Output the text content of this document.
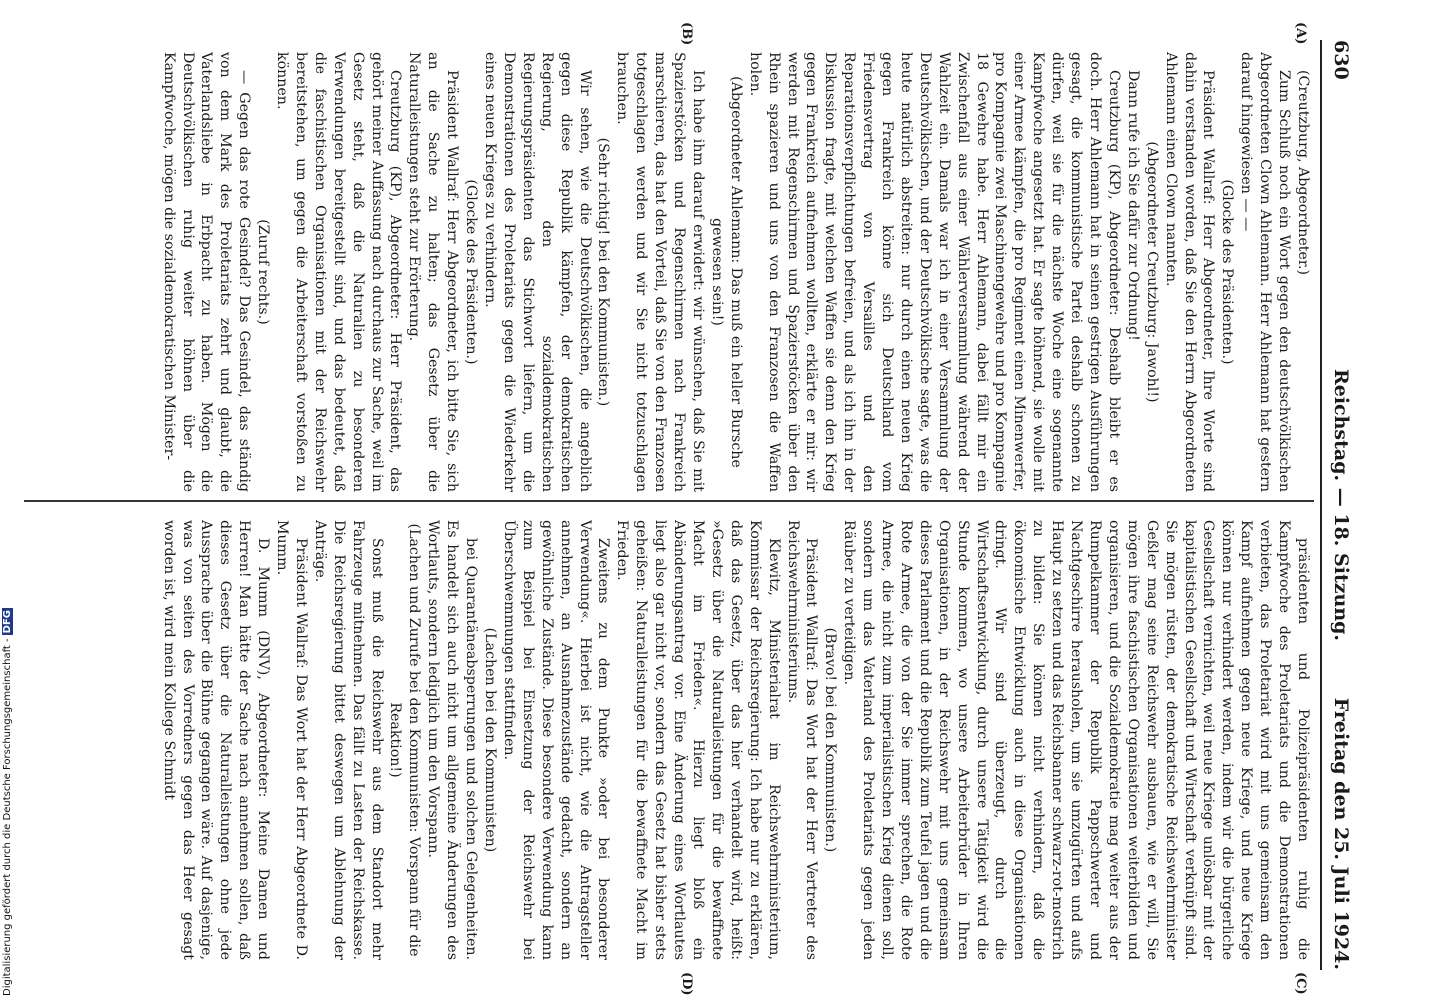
630
Reichstag. — 18. Sitzung.
Freitag den 25. Juli 1924.
(A)
(B)
(C)
(D)

(Creutzburg, Abgeordneter.)

Zum Schluß noch ein Wort gegen den deutschvölkischen Abgeordneten Clown Ahlemann. Herr Ahlemann hat gestern darauf hingewiesen — —

(Glocke des Präsidenten.)

Präsident Wallraf: Herr Abgeordneter, Ihre Worte sind dahin verstanden worden, daß Sie den Herrn Abgeordneten Ahlemann einen Clown nannten.

(Abgeordneter Creutzburg: Jawohl!)

Dann rufe ich Sie dafür zur Ordnung!

Creutzburg (KP), Abgeordneter: Deshalb bleibt er es doch. Herr Ahlemann hat in seinen gestrigen Ausführungen gesagt, die kommunistische Partei deshalb schonen zu dürfen, weil sie für die nächste Woche eine sogenannte Kampfwoche angesetzt hat. Er sagte höhnend, sie wolle mit einer Armee kämpfen, die pro Regiment einen Minenwerfer, pro Kompagnie zwei Maschinengewehre und pro Kompagnie 18 Gewehre habe. Herr Ahlemann, dabei fällt mir ein Zwischenfall aus einer Wählerversammlung während der Wahlzeit ein. Damals war ich in einer Versammlung der Deutschvölkischen, und der Deutschvölkische sagte, was die heute natürlich abstreiten: nur durch einen neuen Krieg gegen Frankreich könne sich Deutschland vom Friedensvertrag von Versailles und den Reparationsverpflichtungen befreien, und als ich ihn in der Diskussion fragte, mit welchen Waffen sie denn den Krieg gegen Frankreich aufnehmen wollten, erklärte er mir: wir werden mit Regenschirmen und Spazierstöcken über den Rhein spazieren und uns von den Franzosen die Waffen holen.

(Abgeordneter Ahlemann: Das muß ein heller Bursche gewesen sein!)

Ich habe ihm darauf erwidert: wir wünschen, daß Sie mit Spazierstöcken und Regenschirmen nach Frankreich marschieren, das hat den Vorteil, daß Sie von den Franzosen totgeschlagen werden und wir Sie nicht totzuschlagen brauchen.

(Sehr richtig! bei den Kommunisten.)

Wir sehen, wie die Deutschvölkischen, die angeblich gegen diese Republik kämpfen, der demokratischen Regierung, den sozialdemokratischen Regierungspräsidenten das Stichwort liefern, um die Demonstrationen des Proletariats gegen die Wiederkehr eines neuen Krieges zu verhindern.

(Glocke des Präsidenten.)

Präsident Wallraf: Herr Abgeordneter, ich bitte Sie, sich an die Sache zu halten; das Gesetz über die Naturalleistungen steht zur Erörterung.

Creutzburg (KP), Abgeordneter: Herr Präsident, das gehört meiner Auffassung nach durchaus zur Sache, weil im Gesetz steht, daß die Naturalien zu besonderen Verwendungen bereitgestellt sind, und das bedeutet, daß die faschistischen Organisationen mit der Reichswehr bereitstehen, um gegen die Arbeiterschaft vorstoßen zu können.

(Zuruf rechts.)

— Gegen das rote Gesindel? Das Gesindel, das ständig von dem Mark des Proletariats zehrt und glaubt, die Vaterlandsliebe in Erbpacht zu haben. Mögen die Deutschvölkischen ruhig weiter höhnen über die Kampfwoche, mögen die sozialdemokratischen Minister-

präsidenten und Polizeipräsidenten ruhig die Kampfwoche des Proletariats und die Demonstrationen verbieten, das Proletariat wird mit uns gemeinsam den Kampf aufnehmen gegen neue Kriege, und neue Kriege können nur verhindert werden, indem wir die bürgerliche Gesellschaft vernichten, weil neue Kriege unlösbar mit der kapitalistischen Gesellschaft und Wirtschaft verknüpft sind. Sie mögen rüsten, der demokratische Reichswehrminister Geßler mag seine Reichswehr ausbauen, wie er will, Sie mögen ihre faschistischen Organisationen weiterbilden und organisieren, und die Sozialdemokratie mag weiter aus der Rumpelkammer der Republik Pappschwerter und Nachtgeschirre herausholen, um sie umzugürten und aufs Haupt zu setzen und das Reichsbanner schwarz-rot-mostrich zu bilden: Sie können nicht verhindern, daß die ökonomische Entwicklung auch in diese Organisationen dringt. Wir sind überzeugt, durch die Wirtschaftsentwicklung, durch unsere Tätigkeit wird die Stunde kommen, wo unsere Arbeiterbrüder in Ihren Organisationen, in der Reichswehr mit uns gemeinsam dieses Parlament und die Republik zum Teufel jagen und die Rote Armee, die von der Sie immer sprechen, die Rote Armee, die nicht zum imperialistischen Krieg dienen soll, sondern um das Vaterland des Proletariats gegen jeden Räuber zu verteidigen.

(Bravo! bei den Kommunisten.)

Präsident Wallraf: Das Wort hat der Herr Vertreter des Reichswehrministeriums.

Klewitz, Ministerialrat im Reichswehrministerium, Kommissar der Reichsregierung: Ich habe nur zu erklären, daß das Gesetz, über das hier verhandelt wird, heißt: »Gesetz über die Naturalleistungen für die bewaffnete Macht im Frieden«. Hierzu liegt bloß ein Abänderungsantrag vor. Eine Änderung eines Wortlautes liegt also gar nicht vor, sondern das Gesetz hat bisher stets geheißen: Naturalleistungen für die bewaffnete Macht im Frieden.

Zweitens zu dem Punkte »oder bei besonderer Verwendung«. Hierbei ist nicht, wie die Antragsteller annehmen, an Ausnahmezustände gedacht, sondern an gewöhnliche Zustände. Diese besondere Verwendung kann zum Beispiel bei Einsetzung der Reichswehr bei Überschwemmungen stattfinden.

(Lachen bei den Kommunisten)

bei Quarantäneabsperrungen und solchen Gelegenheiten. Es handelt sich auch nicht um allgemeine Änderungen des Wortlauts, sondern lediglich um den Vorspann.

(Lachen und Zurufe bei den Kommunisten: Vorspann für die Reaktion!)

Sonst muß die Reichswehr aus dem Standort mehr Fahrzeuge mitnehmen. Das fällt zu Lasten der Reichskasse. Die Reichsregierung bittet deswegen um Ablehnung der Anträge.

Präsident Wallraf: Das Wort hat der Herr Abgeordnete D. Mumm.

D. Mumm (DNV), Abgeordneter: Meine Damen und Herren! Man hätte der Sache nach annehmen sollen, daß dieses Gesetz über die Naturalleistungen ohne jede Aussprache über die Bühne gegangen wäre. Auf dasjenige, was von seiten des Vorredners gegen das Heer gesagt worden ist, wird mein Kollege Schmidt

Digitalisierung gefördert durch die Deutsche Forschungsgemeinschaft -DFG
